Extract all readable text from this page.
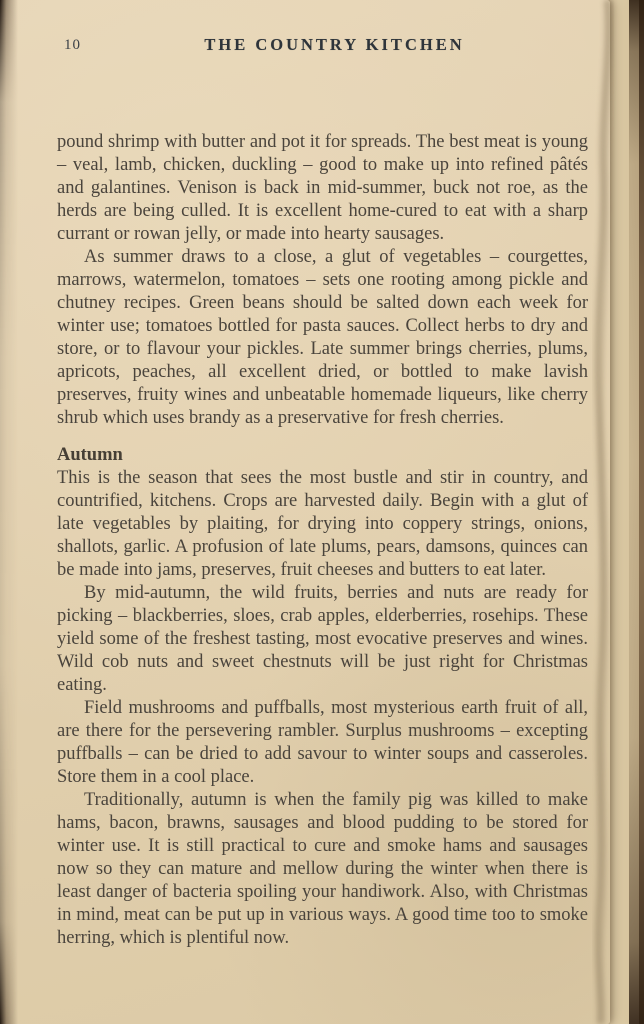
10	THE COUNTRY KITCHEN

pound shrimp with butter and pot it for spreads. The best meat is young – veal, lamb, chicken, duckling – good to make up into refined pâtés and galantines. Venison is back in mid-summer, buck not roe, as the herds are being culled. It is excellent home-cured to eat with a sharp currant or rowan jelly, or made into hearty sausages.

As summer draws to a close, a glut of vegetables – courgettes, marrows, watermelon, tomatoes – sets one rooting among pickle and chutney recipes. Green beans should be salted down each week for winter use; tomatoes bottled for pasta sauces. Collect herbs to dry and store, or to flavour your pickles. Late summer brings cherries, plums, apricots, peaches, all excellent dried, or bottled to make lavish preserves, fruity wines and unbeatable homemade liqueurs, like cherry shrub which uses brandy as a preservative for fresh cherries.

Autumn

This is the season that sees the most bustle and stir in country, and countrified, kitchens. Crops are harvested daily. Begin with a glut of late vegetables by plaiting, for drying into coppery strings, onions, shallots, garlic. A profusion of late plums, pears, damsons, quinces can be made into jams, preserves, fruit cheeses and butters to eat later.

By mid-autumn, the wild fruits, berries and nuts are ready for picking – blackberries, sloes, crab apples, elderberries, rosehips. These yield some of the freshest tasting, most evocative preserves and wines. Wild cob nuts and sweet chestnuts will be just right for Christmas eating.

Field mushrooms and puffballs, most mysterious earth fruit of all, are there for the persevering rambler. Surplus mushrooms – excepting puffballs – can be dried to add savour to winter soups and casseroles. Store them in a cool place.

Traditionally, autumn is when the family pig was killed to make hams, bacon, brawns, sausages and blood pudding to be stored for winter use. It is still practical to cure and smoke hams and sausages now so they can mature and mellow during the winter when there is least danger of bacteria spoiling your handiwork. Also, with Christmas in mind, meat can be put up in various ways. A good time too to smoke herring, which is plentiful now.
